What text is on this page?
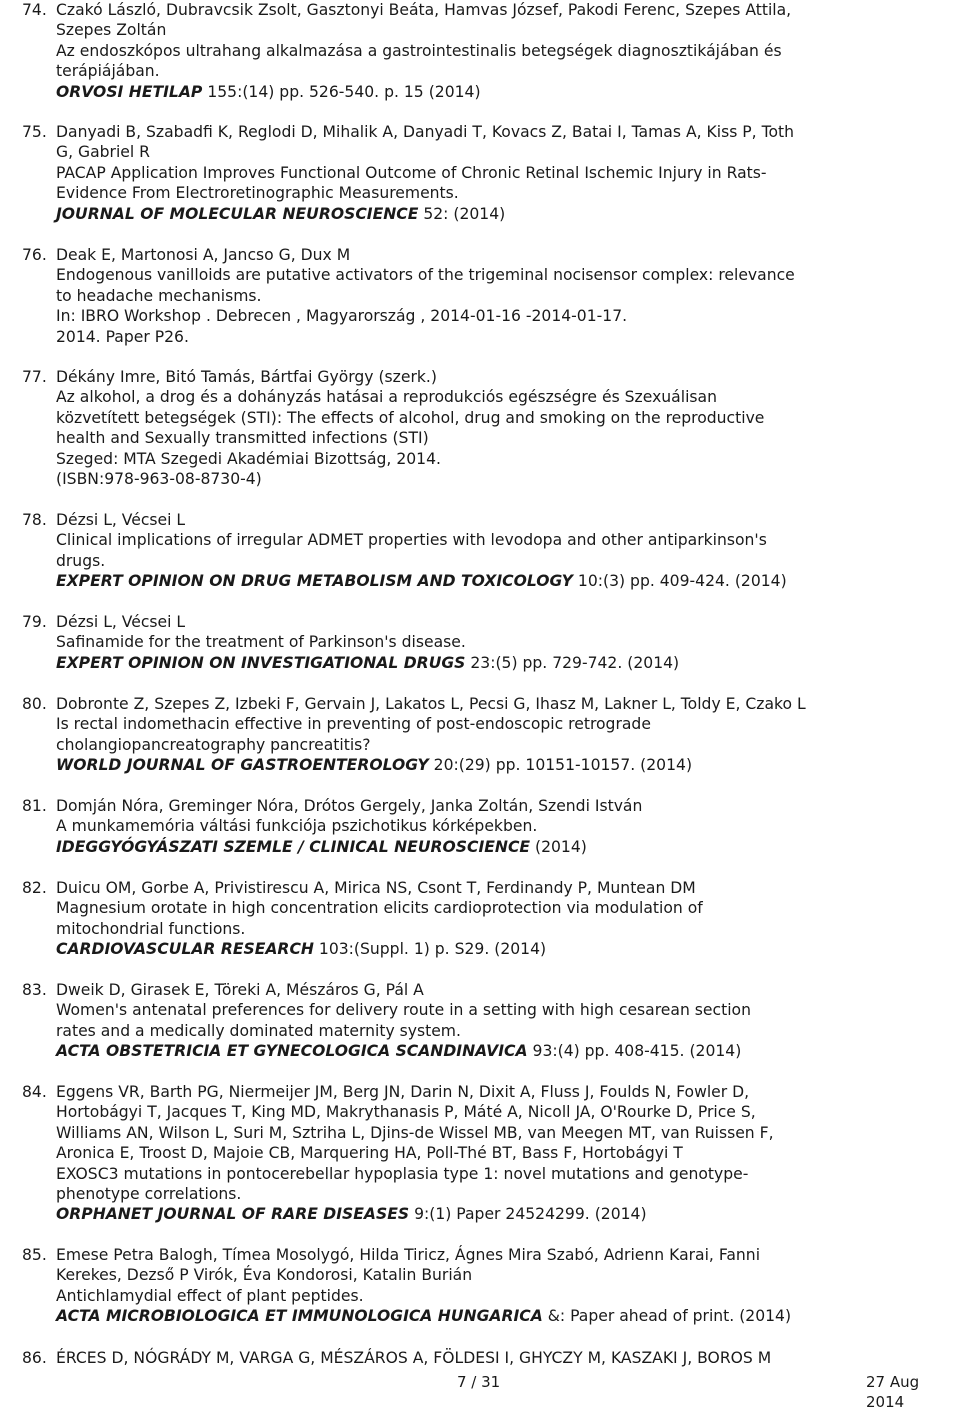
74. Czakó László, Dubravcsik Zsolt, Gasztonyi Beáta, Hamvas József, Pakodi Ferenc, Szepes Attila,
Szepes Zoltán
Az endoszkópos ultrahang alkalmazása a gastrointestinalis betegségek diagnosztikájában és
terápiájában.
ORVOSI HETILAP 155:(14) pp. 526-540. p. 15 (2014)
75. Danyadi B, Szabadfi K, Reglodi D, Mihalik A, Danyadi T, Kovacs Z, Batai I, Tamas A, Kiss P, Toth
G, Gabriel R
PACAP Application Improves Functional Outcome of Chronic Retinal Ischemic Injury in Rats-
Evidence From Electroretinographic Measurements.
JOURNAL OF MOLECULAR NEUROSCIENCE 52: (2014)
76. Deak E, Martonosi A, Jancso G, Dux M
Endogenous vanilloids are putative activators of the trigeminal nocisensor complex: relevance
to headache mechanisms.
In: IBRO Workshop . Debrecen , Magyarország , 2014-01-16 -2014-01-17.
2014. Paper P26.
77. Dékány Imre, Bitó Tamás, Bártfai György (szerk.)
Az alkohol, a drog és a dohányzás hatásai a reprodukciós egészségre és Szexuálisan
közvetített betegségek (STI): The effects of alcohol, drug and smoking on the reproductive
health and Sexually transmitted infections (STI)
Szeged: MTA Szegedi Akadémiai Bizottság, 2014.
(ISBN:978-963-08-8730-4)
78. Dézsi L, Vécsei L
Clinical implications of irregular ADMET properties with levodopa and other antiparkinson's
drugs.
EXPERT OPINION ON DRUG METABOLISM AND TOXICOLOGY 10:(3) pp. 409-424. (2014)
79. Dézsi L, Vécsei L
Safinamide for the treatment of Parkinson's disease.
EXPERT OPINION ON INVESTIGATIONAL DRUGS 23:(5) pp. 729-742. (2014)
80. Dobronte Z, Szepes Z, Izbeki F, Gervain J, Lakatos L, Pecsi G, Ihasz M, Lakner L, Toldy E, Czako L
Is rectal indomethacin effective in preventing of post-endoscopic retrograde
cholangiopancreatography pancreatitis?
WORLD JOURNAL OF GASTROENTEROLOGY 20:(29) pp. 10151-10157. (2014)
81. Domján Nóra, Greminger Nóra, Drótos Gergely, Janka Zoltán, Szendi István
A munkamemória váltási funkciója pszichotikus kórképekben.
IDEGGYÓGYÁSZATI SZEMLE / CLINICAL NEUROSCIENCE (2014)
82. Duicu OM, Gorbe A, Privistirescu A, Mirica NS, Csont T, Ferdinandy P, Muntean DM
Magnesium orotate in high concentration elicits cardioprotection via modulation of
mitochondrial functions.
CARDIOVASCULAR RESEARCH 103:(Suppl. 1) p. S29. (2014)
83. Dweik D, Girasek E, Töreki A, Mészáros G, Pál A
Women's antenatal preferences for delivery route in a setting with high cesarean section
rates and a medically dominated maternity system.
ACTA OBSTETRICIA ET GYNECOLOGICA SCANDINAVICA 93:(4) pp. 408-415. (2014)
84. Eggens VR, Barth PG, Niermeijer JM, Berg JN, Darin N, Dixit A, Fluss J, Foulds N, Fowler D,
Hortobágyi T, Jacques T, King MD, Makrythanasis P, Máté A, Nicoll JA, O'Rourke D, Price S,
Williams AN, Wilson L, Suri M, Sztriha L, Djins-de Wissel MB, van Meegen MT, van Ruissen F,
Aronica E, Troost D, Majoie CB, Marquering HA, Poll-Thé BT, Bass F, Hortobágyi T
EXOSC3 mutations in pontocerebellar hypoplasia type 1: novel mutations and genotype-
phenotype correlations.
ORPHANET JOURNAL OF RARE DISEASES 9:(1) Paper 24524299. (2014)
85. Emese Petra Balogh, Tímea Mosolygó, Hilda Tiricz, Ágnes Mira Szabó, Adrienn Karai, Fanni
Kerekes, Dezső P Virók, Éva Kondorosi, Katalin Burián
Antichlamydial effect of plant peptides.
ACTA MICROBIOLOGICA ET IMMUNOLOGICA HUNGARICA &: Paper ahead of print. (2014)
86. ÉRCES D, NÓGRÁDY M, VARGA G, MÉSZÁROS A, FÖLDESI I, GHYCZY M, KASZAKI J, BOROS M
7 / 31	27 Aug 2014
